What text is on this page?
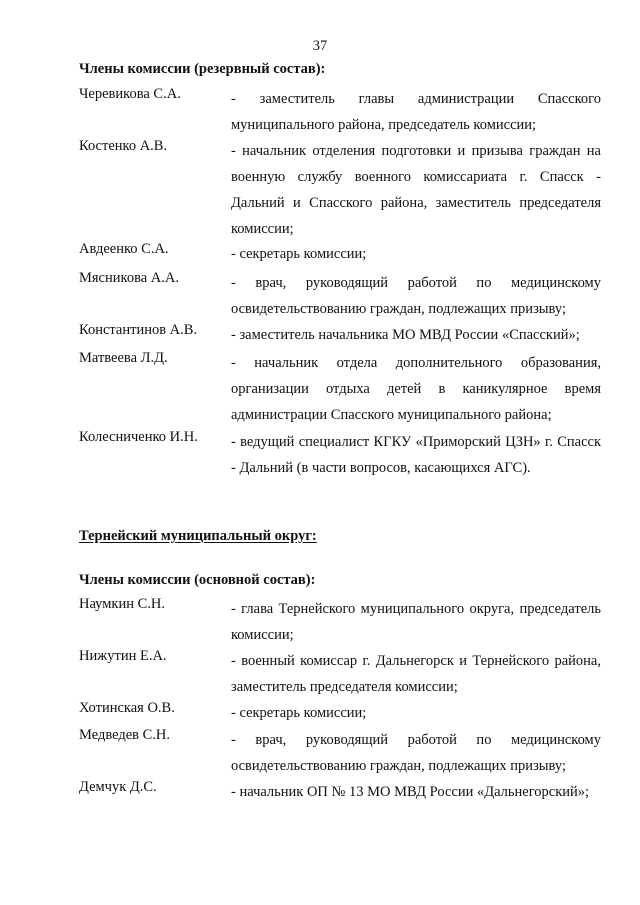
37
Члены комиссии (резервный состав):
Черевикова С.А.	- заместитель главы администрации Спасского муниципального района, председатель комиссии;
Костенко А.В.	- начальник отделения подготовки и призыва граждан на военную службу военного комиссариата г. Спасск - Дальний и Спасского района, заместитель председателя комиссии;
Авдеенко С.А.	- секретарь комиссии;
Мясникова А.А.	- врач, руководящий работой по медицинскому освидетельствованию граждан, подлежащих призыву;
Константинов А.В. - заместитель начальника МО МВД России «Спасский»;
Матвеева Л.Д.	- начальник отдела дополнительного образования, организации отдыха детей в каникулярное время администрации Спасского муниципального района;
Колесниченко И.Н. - ведущий специалист КГКУ «Приморский ЦЗН» г. Спасск - Дальний (в части вопросов, касающихся АГС).
Тернейский муниципальный округ:
Члены комиссии (основной состав):
Наумкин С.Н.	- глава Тернейского муниципального округа, председатель комиссии;
Нижутин Е.А.	- военный комиссар г. Дальнегорск и Тернейского района, заместитель председателя комиссии;
Хотинская О.В.	- секретарь комиссии;
Медведев С.Н.	- врач, руководящий работой по медицинскому освидетельствованию граждан, подлежащих призыву;
Демчук Д.С.	- начальник ОП № 13 МО МВД России «Дальнегорский»;
